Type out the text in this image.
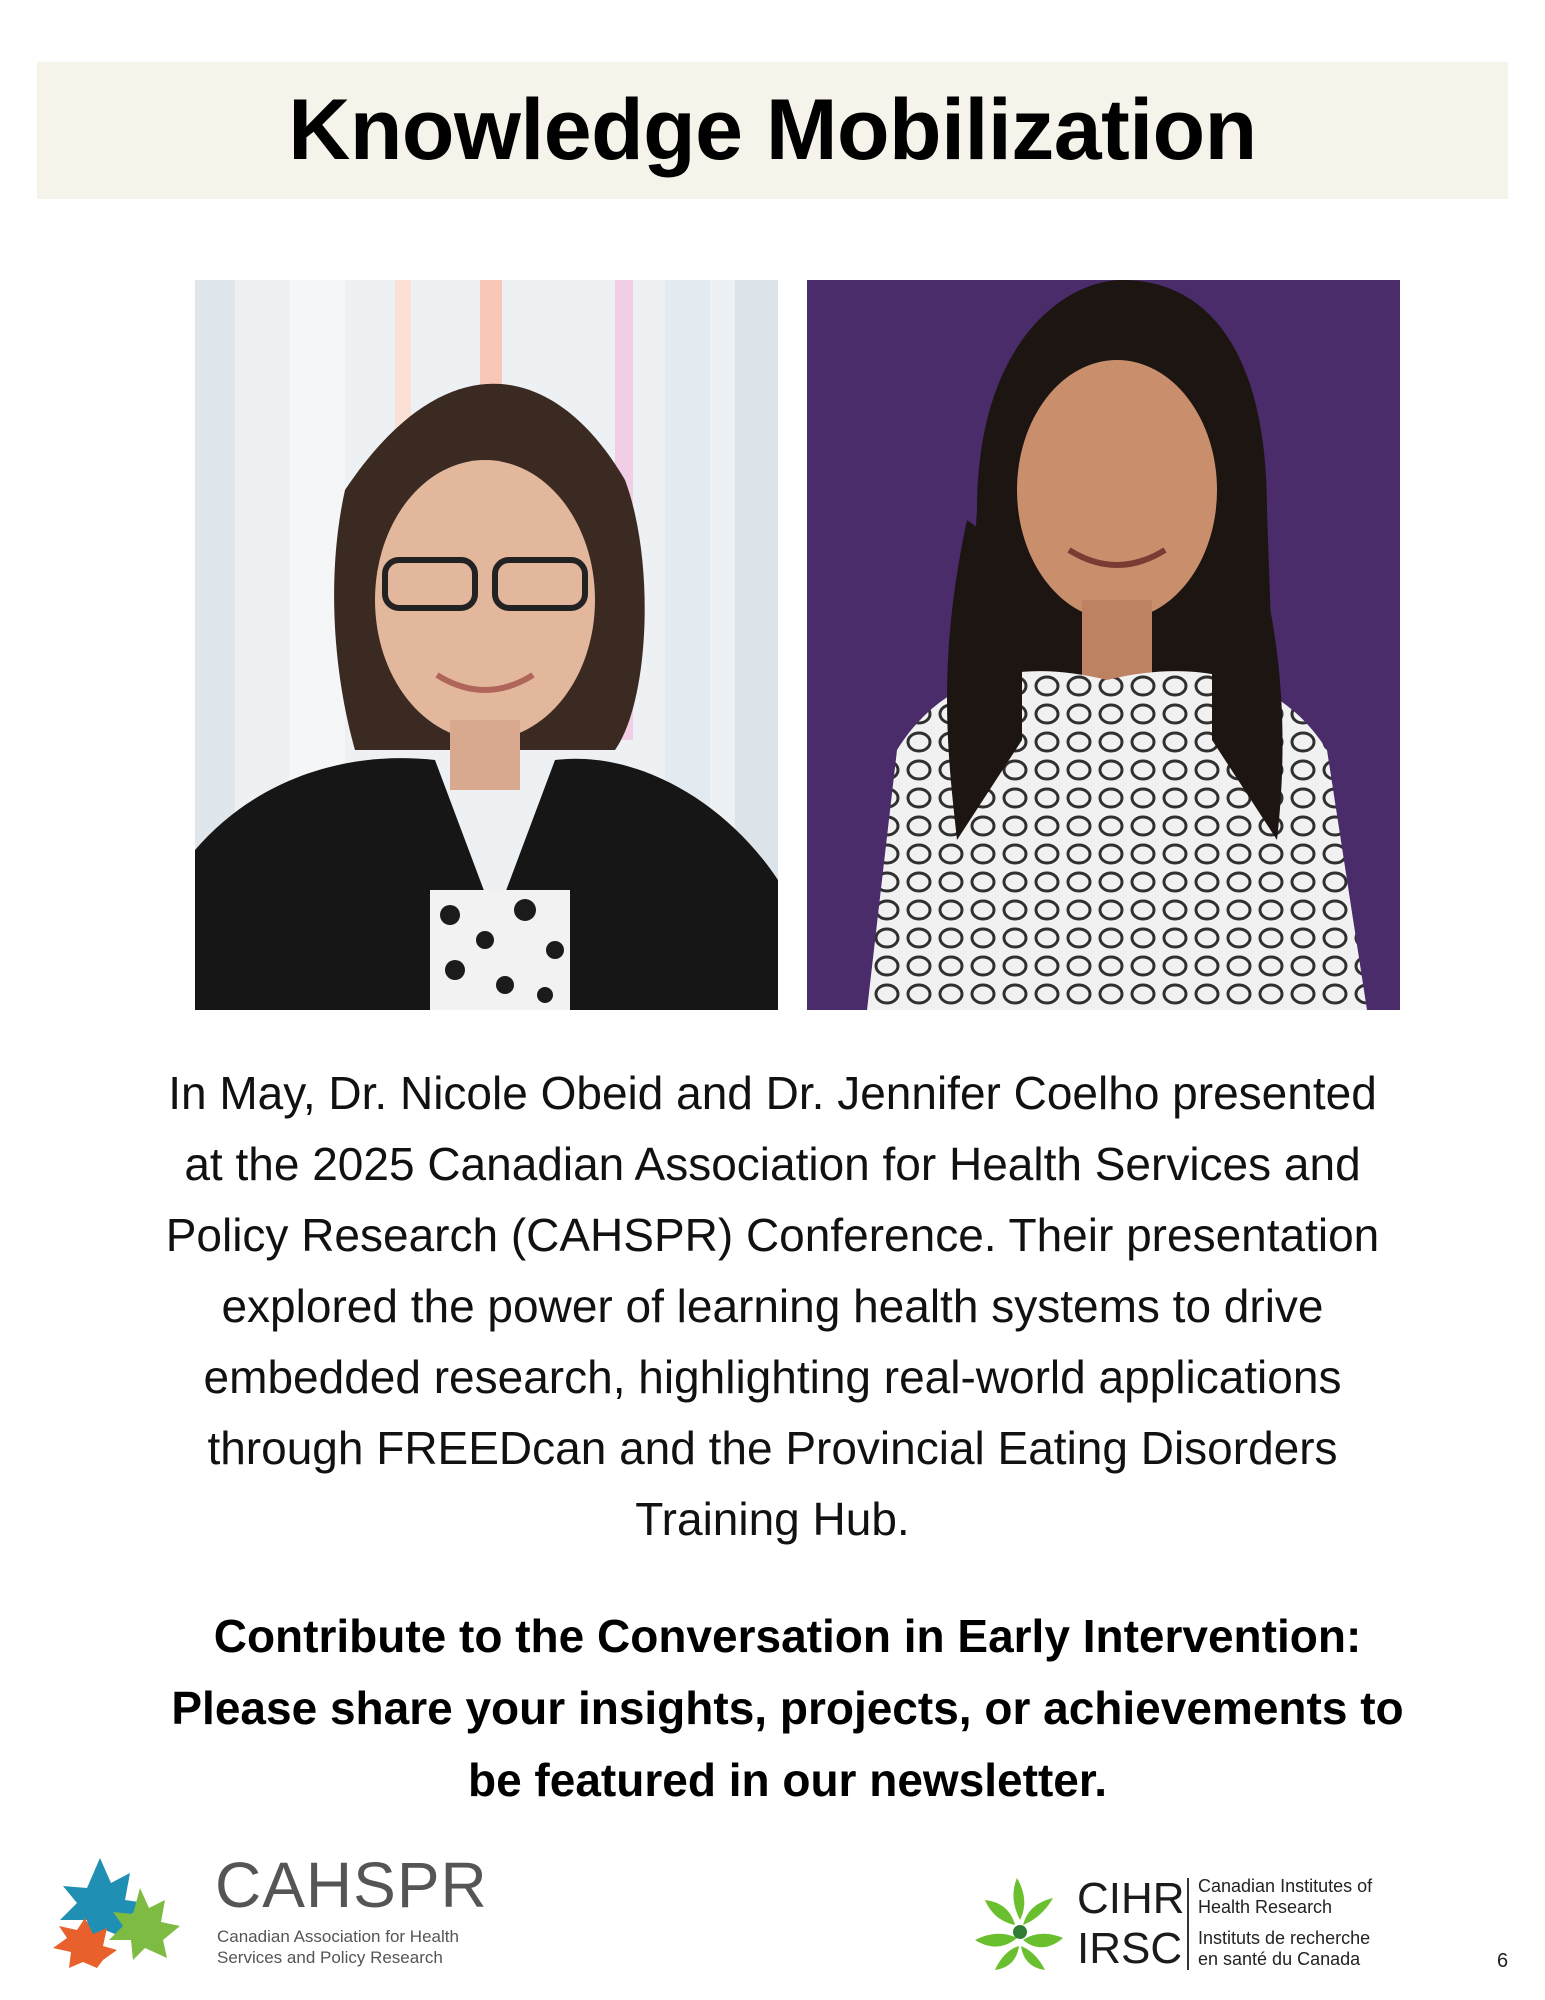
Knowledge Mobilization
In May, Dr. Nicole Obeid and Dr. Jennifer Coelho presented
at the 2025 Canadian Association for Health Services and
Policy Research (CAHSPR) Conference. Their presentation
explored the power of learning health systems to drive
embedded research, highlighting real-world applications
through FREEDcan and the Provincial Eating Disorders
Training Hub.
Contribute to the Conversation in Early Intervention:
Please share your insights, projects, or achievements to
be featured in our newsletter.
CAHSPR
Canadian Association for Health
Services and Policy Research
CIHR
IRSC
Canadian Institutes of
Health Research
Instituts de recherche
en santé du Canada	6
